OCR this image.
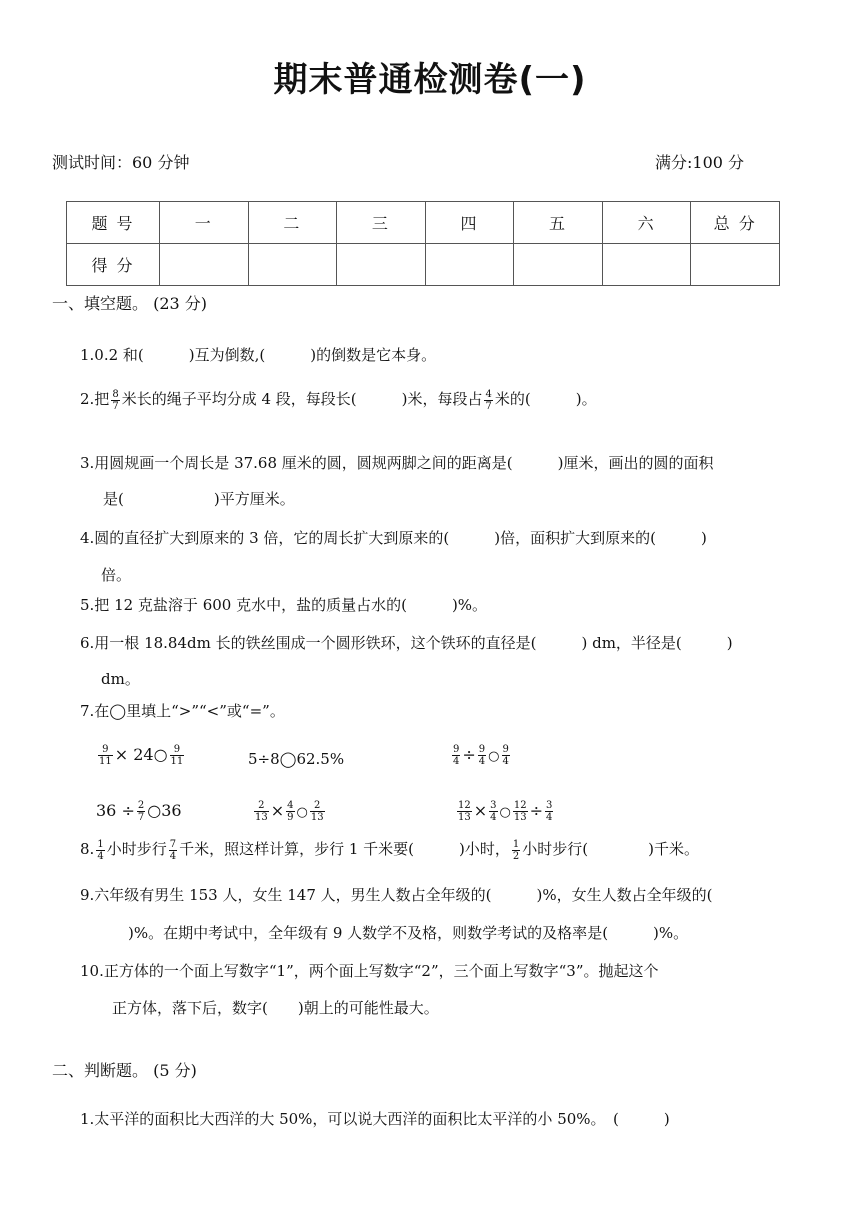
期末普通检测卷(一)
测试时间：60 分钟	满分:100 分
题 号	一	二	三	四	五	六	总 分
得 分							
一、填空题。 (23 分)
1.0.2 和(　　　)互为倒数,(　　　)的倒数是它本身。
2.把 $\frac{8}{7}$ 米长的绳子平均分成 4 段，每段长(　　　)米，每段占 $\frac{4}{7}$ 米的(　　　)。
3.用圆规画一个周长是 37.68 厘米的圆，圆规两脚之间的距离是(　　　)厘米，画出的圆的面积
是(　　　　　　)平方厘米。
4.圆的直径扩大到原来的 3 倍，它的周长扩大到原来的(　　　)倍，面积扩大到原来的(　　　)
倍。
5.把 12 克盐溶于 600 克水中，盐的质量占水的(　　　)%。
6.用一根 18.84dm 长的铁丝围成一个圆形铁环，这个铁环的直径是(　　　) dm，半径是(　　　)
dm。
7.在◯里填上“>”“<”或“=”。
$\frac{9}{11}$ × 24○ $\frac{9}{11}$	5÷8◯62.5%	$\frac{9}{4} \div \frac{9}{4}$ ○ $\frac{9}{4}$
$36 \div \frac{2}{7}$ ○36	$\frac{2}{13} \times \frac{4}{9}$ ○ $\frac{2}{13}$	$\frac{12}{13} \times \frac{3}{4}$ ○ $\frac{12}{13} \div \frac{3}{4}$
8. $\frac{1}{4}$ 小时步行 $\frac{7}{4}$ 千米，照这样计算，步行 1 千米要(　　　)小时， $\frac{1}{2}$ 小时步行(　　　　)千米。
9.六年级有男生 153 人，女生 147 人，男生人数占全年级的(　　　)%，女生人数占全年级的(
)%。在期中考试中，全年级有 9 人数学不及格，则数学考试的及格率是(　　　)%。
10.正方体的一个面上写数字“1”，两个面上写数字“2”，三个面上写数字“3”。抛起这个
正方体，落下后，数字(　　)朝上的可能性最大。
二、判断题。 (5 分)
1.太平洋的面积比大西洋的大 50%，可以说大西洋的面积比太平洋的小 50%。　(　　　)
